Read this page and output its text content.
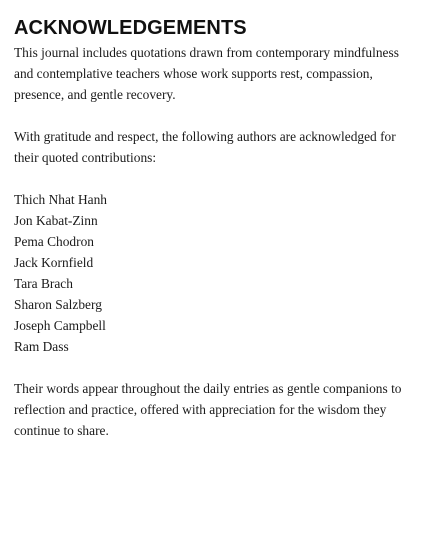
ACKNOWLEDGEMENTS

This journal includes quotations drawn from contemporary mindfulness and contemplative teachers whose work supports rest, compassion, presence, and gentle recovery.

With gratitude and respect, the following authors are acknowledged for their quoted contributions:

Thich Nhat Hanh
Jon Kabat-Zinn
Pema Chodron
Jack Kornfield
Tara Brach
Sharon Salzberg
Joseph Campbell
Ram Dass

Their words appear throughout the daily entries as gentle companions to reflection and practice, offered with appreciation for the wisdom they continue to share.
